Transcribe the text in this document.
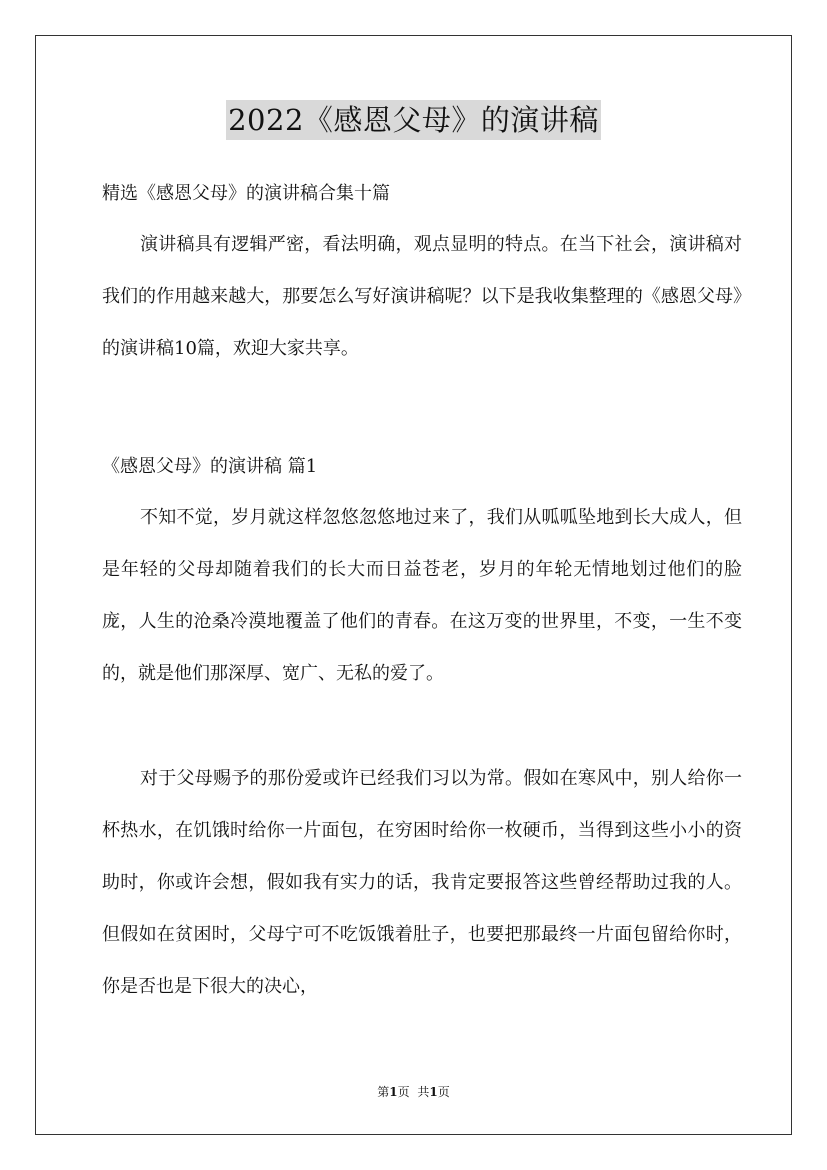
2022《感恩父母》的演讲稿
精选《感恩父母》的演讲稿合集十篇

演讲稿具有逻辑严密，看法明确，观点显明的特点。在当下社会，演讲稿对我们的作用越来越大，那要怎么写好演讲稿呢？以下是我收集整理的《感恩父母》的演讲稿10篇，欢迎大家共享。

《感恩父母》的演讲稿 篇1

不知不觉，岁月就这样忽悠忽悠地过来了，我们从呱呱坠地到长大成人，但是年轻的父母却随着我们的长大而日益苍老，岁月的年轮无情地划过他们的脸庞，人生的沧桑冷漠地覆盖了他们的青春。在这万变的世界里，不变，一生不变的，就是他们那深厚、宽广、无私的爱了。

对于父母赐予的那份爱或许已经我们习以为常。假如在寒风中，别人给你一杯热水，在饥饿时给你一片面包，在穷困时给你一枚硬币，当得到这些小小的资助时，你或许会想，假如我有实力的话，我肯定要报答这些曾经帮助过我的人。但假如在贫困时，父母宁可不吃饭饿着肚子，也要把那最终一片面包留给你时，你是否也是下很大的决心，

第1页 共1页
